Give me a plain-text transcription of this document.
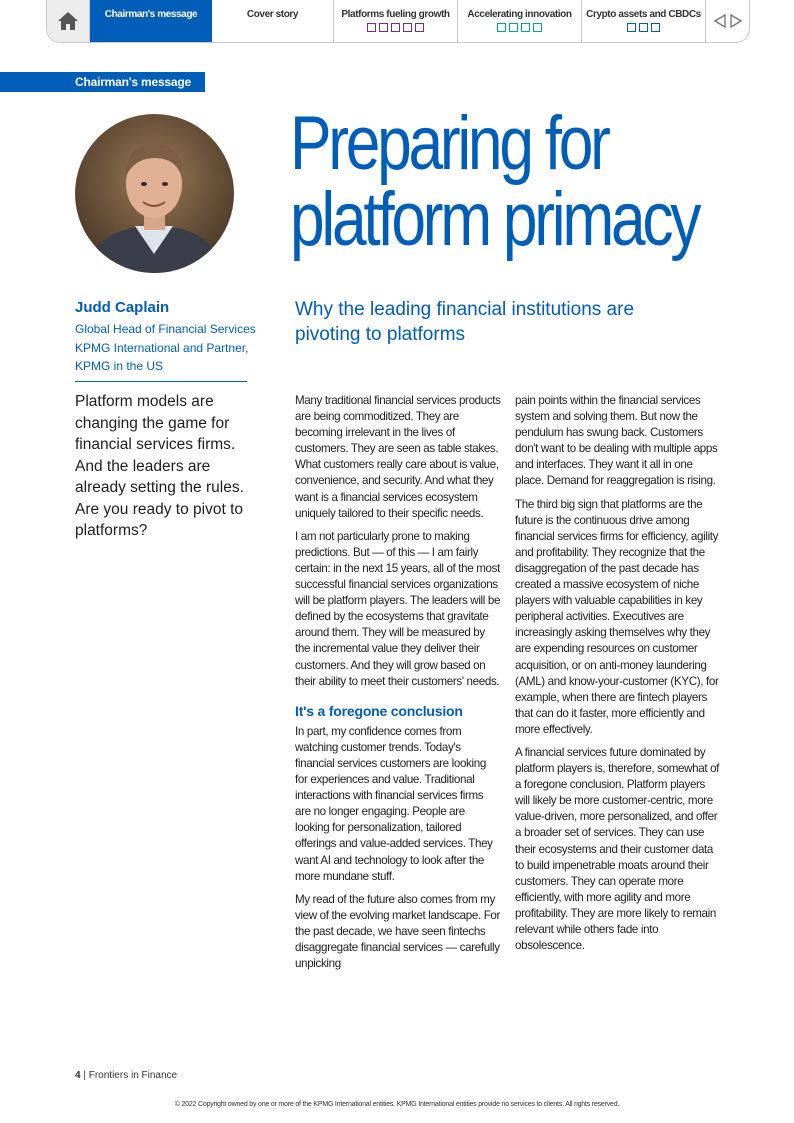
Chairman's message	Cover story	Platforms fueling growth	Accelerating innovation	Crypto assets and CBDCs
Chairman's message
Preparing for
platform primacy
Why the leading financial institutions are pivoting to platforms
Judd Caplain
Global Head of Financial Services
KPMG International and Partner,
KPMG in the US
Platform models are changing the game for financial services firms. And the leaders are already setting the rules. Are you ready to pivot to platforms?

Many traditional financial services products are being commoditized. They are becoming irrelevant in the lives of customers. They are seen as table stakes. What customers really care about is value, convenience, and security. And what they want is a financial services ecosystem uniquely tailored to their specific needs.

I am not particularly prone to making predictions. But — of this — I am fairly certain: in the next 15 years, all of the most successful financial services organizations will be platform players. The leaders will be defined by the ecosystems that gravitate around them. They will be measured by the incremental value they deliver their customers. And they will grow based on their ability to meet their customers' needs.

It's a foregone conclusion

In part, my confidence comes from watching customer trends. Today's financial services customers are looking for experiences and value. Traditional interactions with financial services firms are no longer engaging. People are looking for personalization, tailored offerings and value-added services. They want AI and technology to look after the more mundane stuff.

My read of the future also comes from my view of the evolving market landscape. For the past decade, we have seen fintechs disaggregate financial services — carefully unpicking

pain points within the financial services system and solving them. But now the pendulum has swung back. Customers don't want to be dealing with multiple apps and interfaces. They want it all in one place. Demand for reaggregation is rising.

The third big sign that platforms are the future is the continuous drive among financial services firms for efficiency, agility and profitability. They recognize that the disaggregation of the past decade has created a massive ecosystem of niche players with valuable capabilities in key peripheral activities. Executives are increasingly asking themselves why they are expending resources on customer acquisition, or on anti-money laundering (AML) and know-your-customer (KYC), for example, when there are fintech players that can do it faster, more efficiently and more effectively.

A financial services future dominated by platform players is, therefore, somewhat of a foregone conclusion. Platform players will likely be more customer-centric, more value-driven, more personalized, and offer a broader set of services. They can use their ecosystems and their customer data to build impenetrable moats around their customers. They can operate more efficiently, with more agility and more profitability. They are more likely to remain relevant while others fade into obsolescence.

4 | Frontiers in Finance
© 2022 Copyright owned by one or more of the KPMG International entities. KPMG International entities provide no services to clients. All rights reserved.
